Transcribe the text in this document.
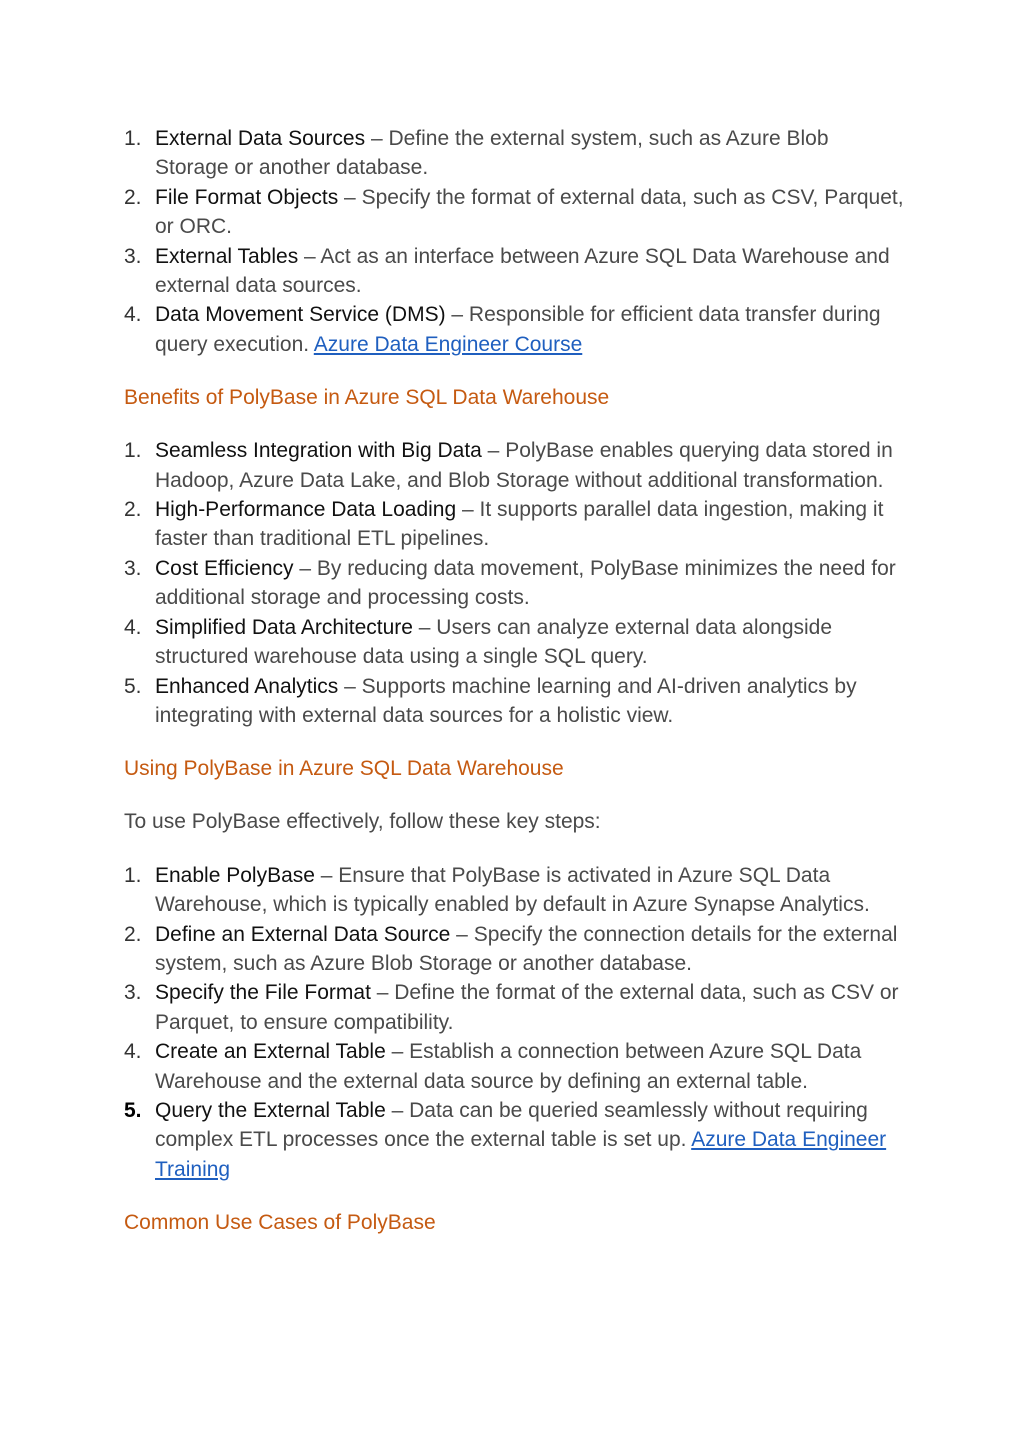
1. External Data Sources – Define the external system, such as Azure Blob Storage or another database.
2. File Format Objects – Specify the format of external data, such as CSV, Parquet, or ORC.
3. External Tables – Act as an interface between Azure SQL Data Warehouse and external data sources.
4. Data Movement Service (DMS) – Responsible for efficient data transfer during query execution. Azure Data Engineer Course
Benefits of PolyBase in Azure SQL Data Warehouse
1. Seamless Integration with Big Data – PolyBase enables querying data stored in Hadoop, Azure Data Lake, and Blob Storage without additional transformation.
2. High-Performance Data Loading – It supports parallel data ingestion, making it faster than traditional ETL pipelines.
3. Cost Efficiency – By reducing data movement, PolyBase minimizes the need for additional storage and processing costs.
4. Simplified Data Architecture – Users can analyze external data alongside structured warehouse data using a single SQL query.
5. Enhanced Analytics – Supports machine learning and AI-driven analytics by integrating with external data sources for a holistic view.
Using PolyBase in Azure SQL Data Warehouse

To use PolyBase effectively, follow these key steps:

1. Enable PolyBase – Ensure that PolyBase is activated in Azure SQL Data Warehouse, which is typically enabled by default in Azure Synapse Analytics.
2. Define an External Data Source – Specify the connection details for the external system, such as Azure Blob Storage or another database.
3. Specify the File Format – Define the format of the external data, such as CSV or Parquet, to ensure compatibility.
4. Create an External Table – Establish a connection between Azure SQL Data Warehouse and the external data source by defining an external table.
5. Query the External Table – Data can be queried seamlessly without requiring complex ETL processes once the external table is set up. Azure Data Engineer Training
Common Use Cases of PolyBase
